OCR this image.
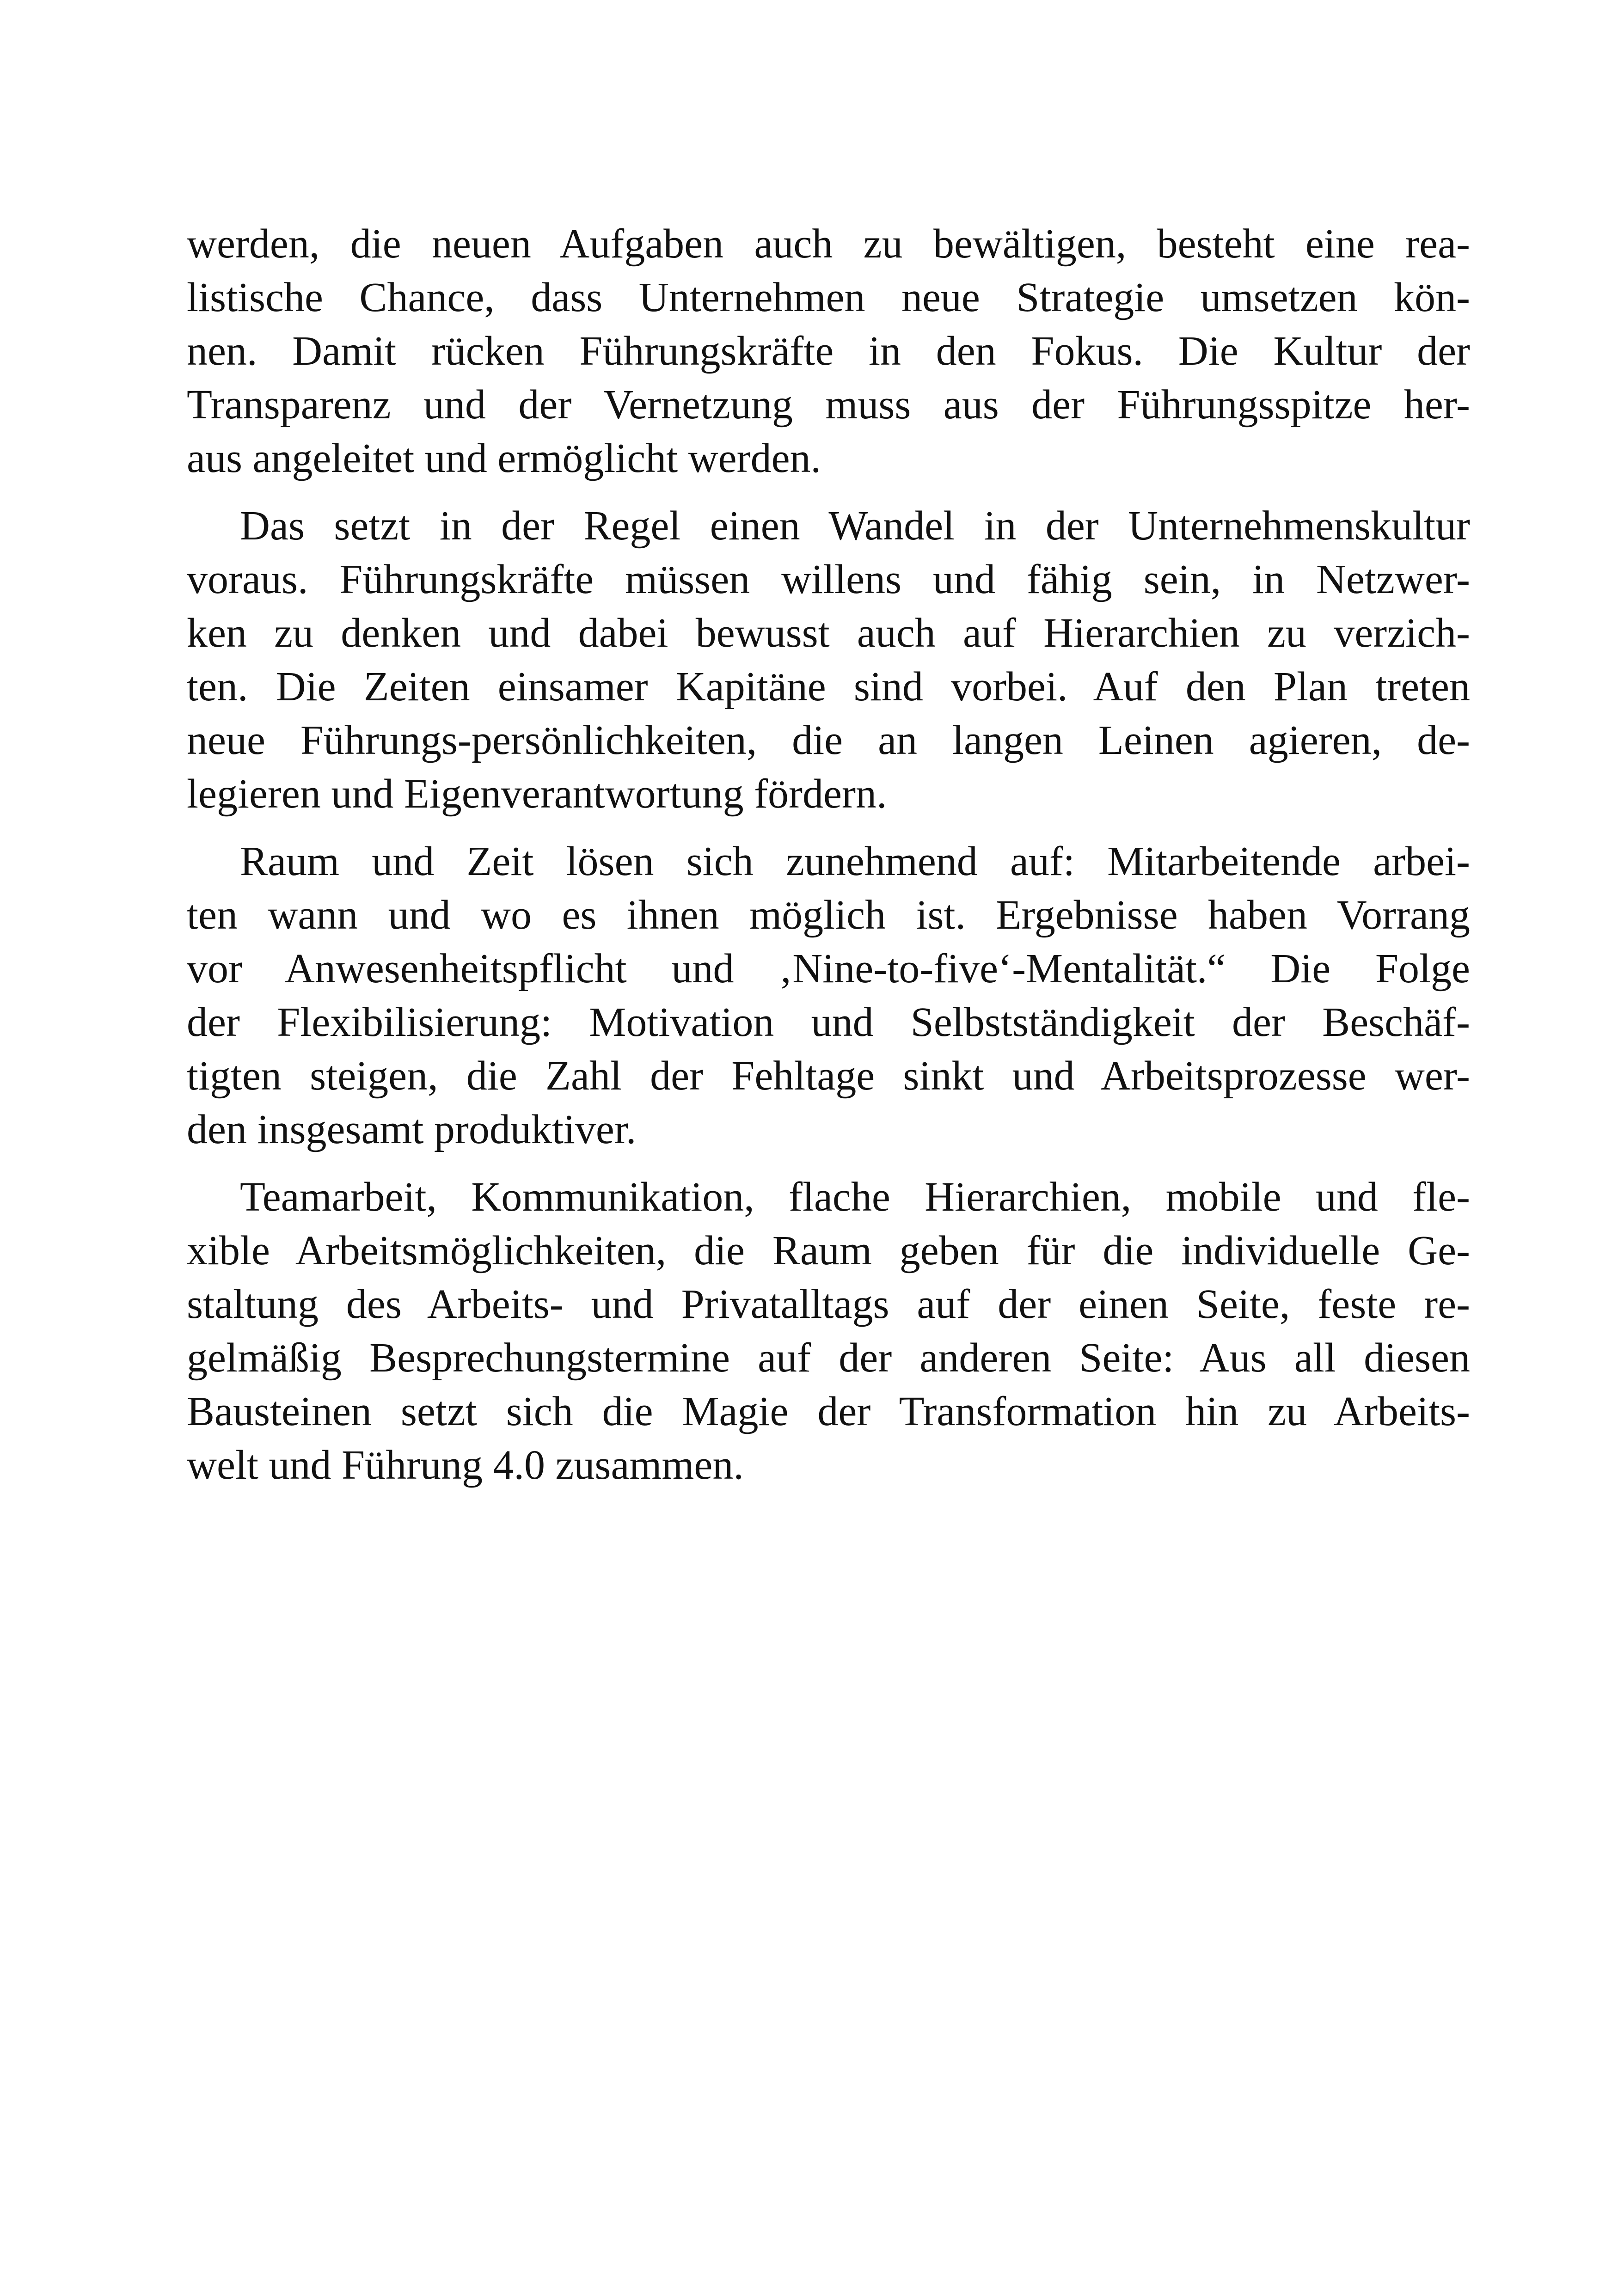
werden, die neuen Aufgaben auch zu bewältigen, besteht eine rea-
listische Chance, dass Unternehmen neue Strategie umsetzen kön-
nen. Damit rücken Führungskräfte in den Fokus. Die Kultur der
Transparenz und der Vernetzung muss aus der Führungsspitze her-
aus angeleitet und ermöglicht werden.
Das setzt in der Regel einen Wandel in der Unternehmenskultur
voraus. Führungskräfte müssen willens und fähig sein, in Netzwer-
ken zu denken und dabei bewusst auch auf Hierarchien zu verzich-
ten. Die Zeiten einsamer Kapitäne sind vorbei. Auf den Plan treten
neue Führungs-persönlichkeiten, die an langen Leinen agieren, de-
legieren und Eigenverantwortung fördern.
Raum und Zeit lösen sich zunehmend auf: Mitarbeitende arbei-
ten wann und wo es ihnen möglich ist. Ergebnisse haben Vorrang
vor Anwesenheitspflicht und ‚Nine-to-five‘-Mentalität.“ Die Folge
der Flexibilisierung: Motivation und Selbstständigkeit der Beschäf-
tigten steigen, die Zahl der Fehltage sinkt und Arbeitsprozesse wer-
den insgesamt produktiver.
Teamarbeit, Kommunikation, flache Hierarchien, mobile und fle-
xible Arbeitsmöglichkeiten, die Raum geben für die individuelle Ge-
staltung des Arbeits- und Privatalltags auf der einen Seite, feste re-
gelmäßig Besprechungstermine auf der anderen Seite: Aus all diesen
Bausteinen setzt sich die Magie der Transformation hin zu Arbeits-
welt und Führung 4.0 zusammen.
